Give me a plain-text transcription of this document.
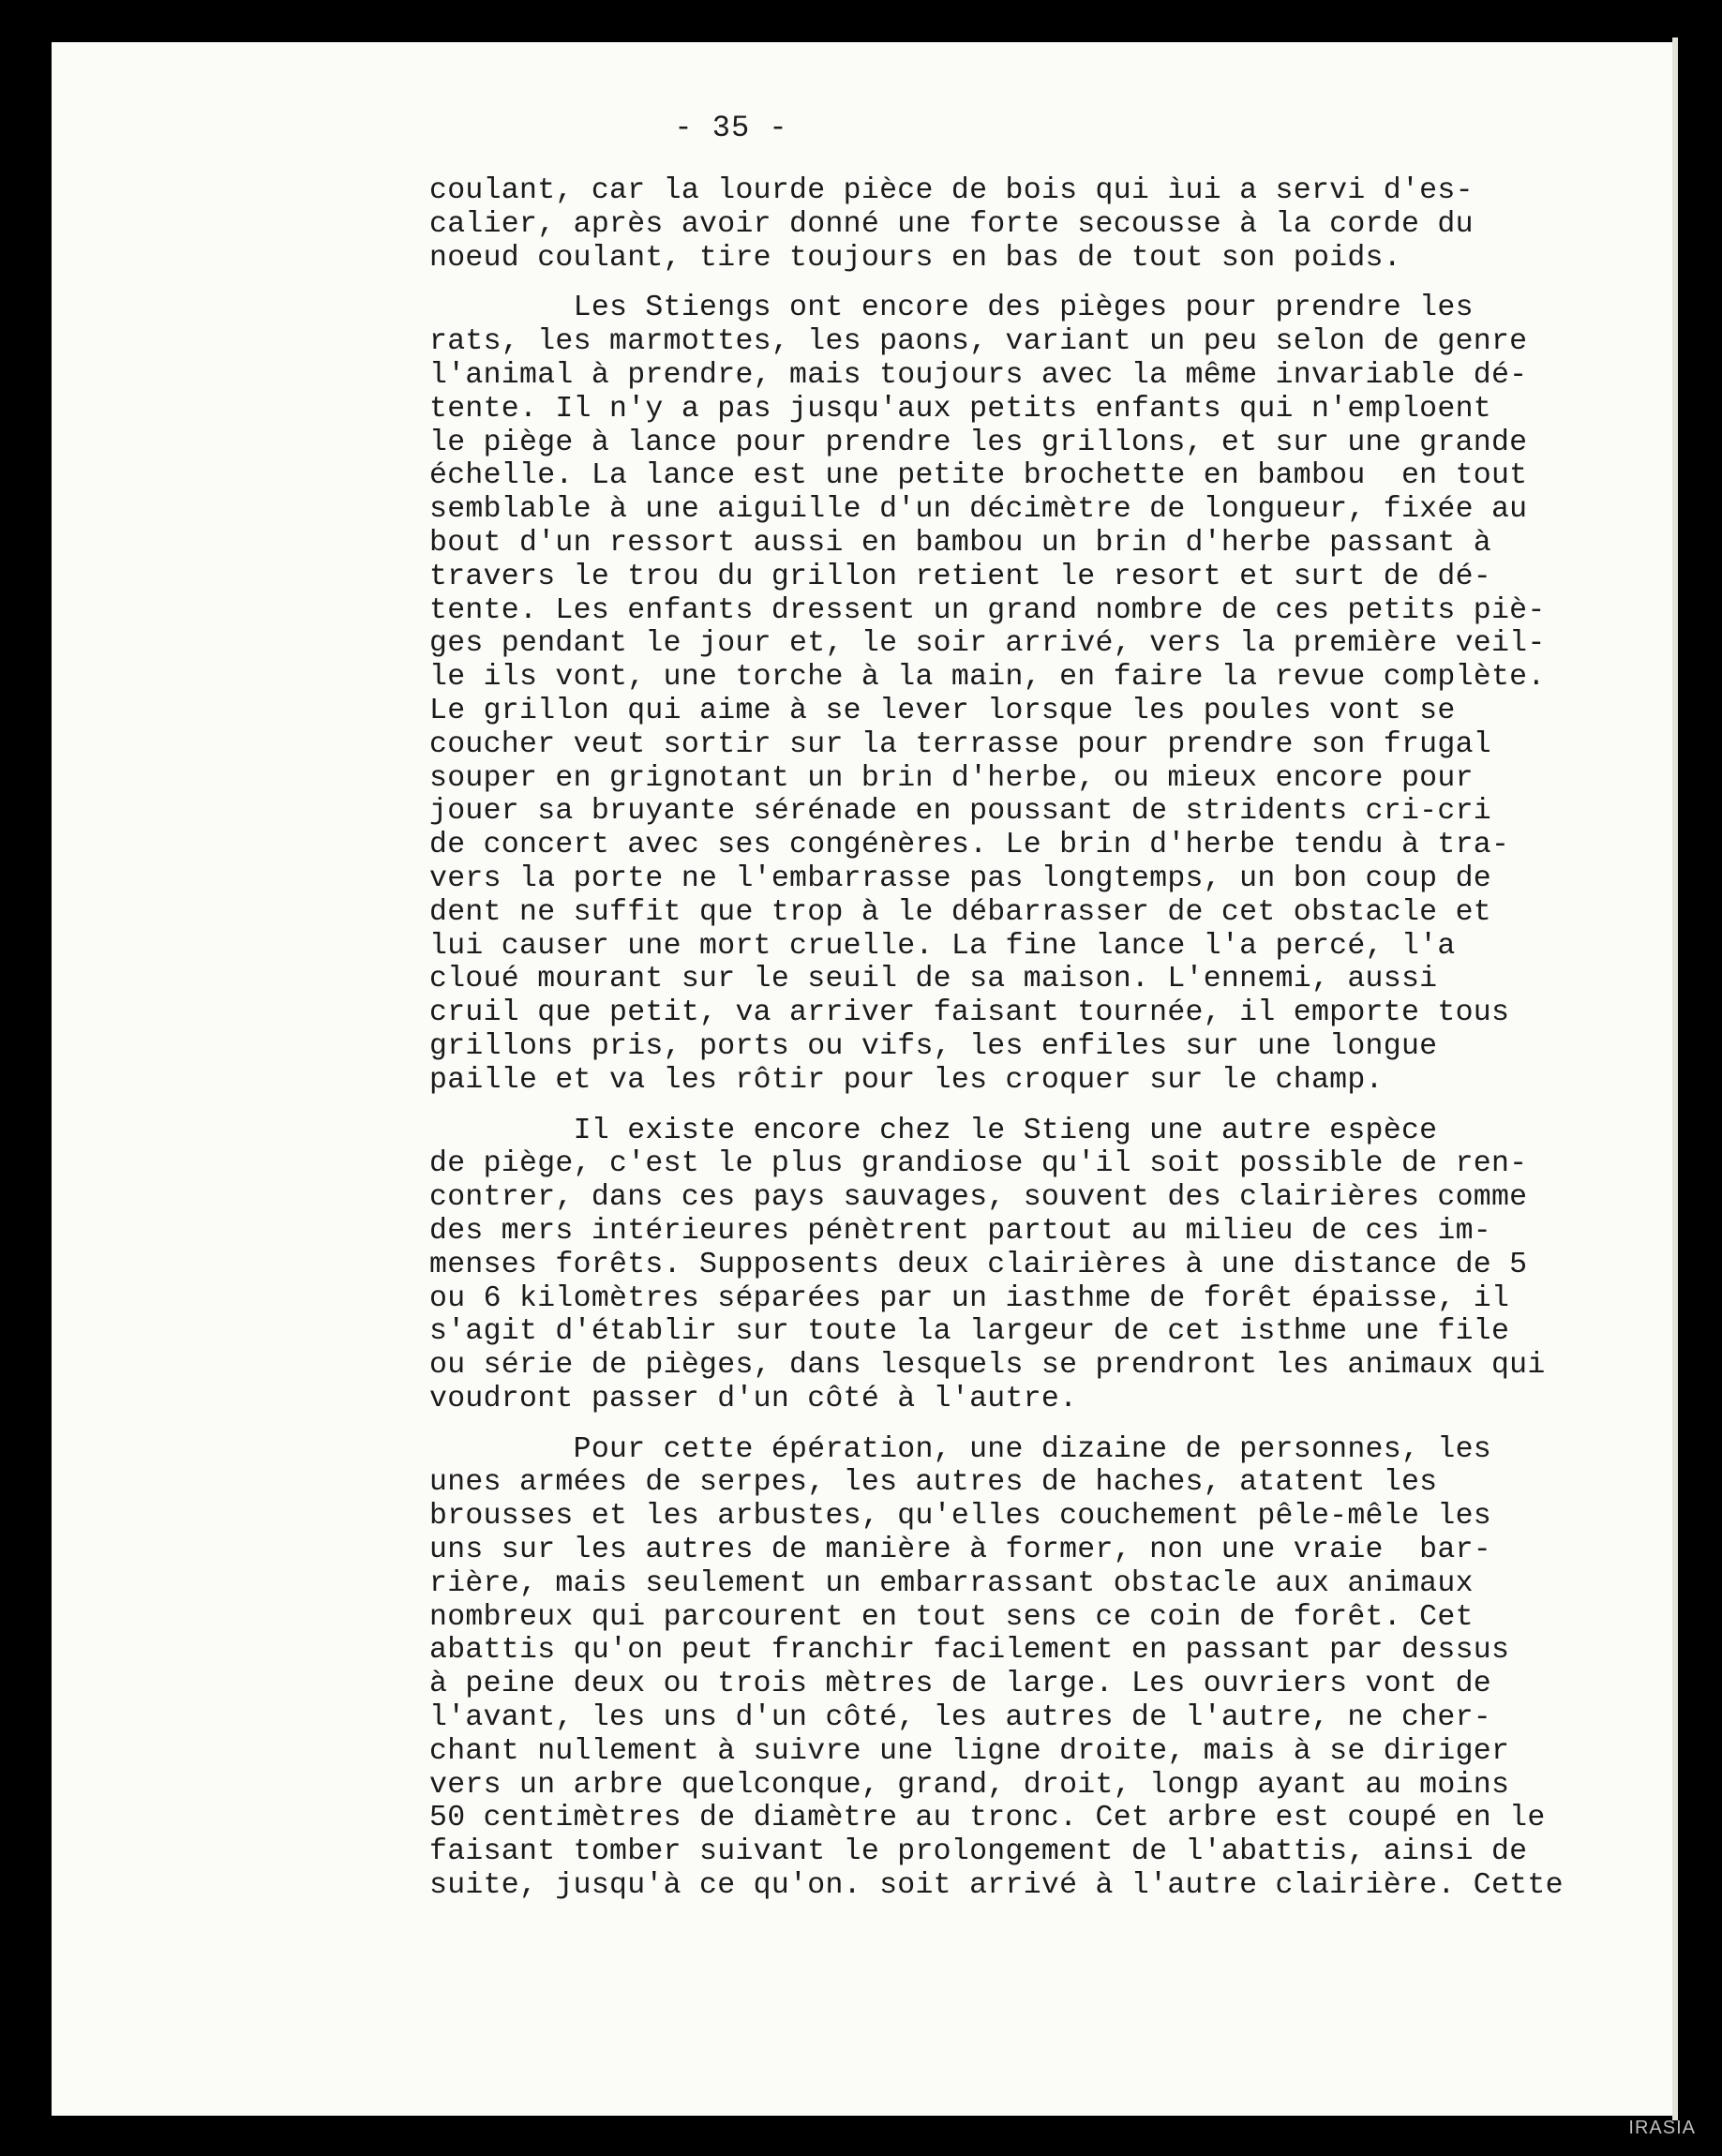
- 35 -
coulant, car la lourde pièce de bois qui ìui a servi d'es-
calier, après avoir donné une forte secousse à la corde du
noeud coulant, tire toujours en bas de tout son poids.
Les Stiengs ont encore des pièges pour prendre les
rats, les marmottes, les paons, variant un peu selon de genre
l'animal à prendre, mais toujours avec la même invariable dé-
tente. Il n'y a pas jusqu'aux petits enfants qui n'emploent
le piège à lance pour prendre les grillons, et sur une grande
échelle. La lance est une petite brochette en bambou  en tout
semblable à une aiguille d'un décimètre de longueur, fixée au
bout d'un ressort aussi en bambou un brin d'herbe passant à
travers le trou du grillon retient le resort et surt de dé-
tente. Les enfants dressent un grand nombre de ces petits piè-
ges pendant le jour et, le soir arrivé, vers la première veil-
le ils vont, une torche à la main, en faire la revue complète.
Le grillon qui aime à se lever lorsque les poules vont se
coucher veut sortir sur la terrasse pour prendre son frugal
souper en grignotant un brin d'herbe, ou mieux encore pour
jouer sa bruyante sérénade en poussant de stridents cri-cri
de concert avec ses congénères. Le brin d'herbe tendu à tra-
vers la porte ne l'embarrasse pas longtemps, un bon coup de
dent ne suffit que trop à le débarrasser de cet obstacle et
lui causer une mort cruelle. La fine lance l'a percé, l'a
cloué mourant sur le seuil de sa maison. L'ennemi, aussi
cruil que petit, va arriver faisant tournée, il emporte tous
grillons pris, ports ou vifs, les enfiles sur une longue
paille et va les rôtir pour les croquer sur le champ.
Il existe encore chez le Stieng une autre espèce
de piège, c'est le plus grandiose qu'il soit possible de ren-
contrer, dans ces pays sauvages, souvent des clairières comme
des mers intérieures pénètrent partout au milieu de ces im-
menses forêts. Supposents deux clairières à une distance de 5
ou 6 kilomètres séparées par un iasthme de forêt épaisse, il
s'agit d'établir sur toute la largeur de cet isthme une file
ou série de pièges, dans lesquels se prendront les animaux qui
voudront passer d'un côté à l'autre.
Pour cette épération, une dizaine de personnes, les
unes armées de serpes, les autres de haches, atatent les
brousses et les arbustes, qu'elles couchement pêle-mêle les
uns sur les autres de manière à former, non une vraie  bar-
rière, mais seulement un embarrassant obstacle aux animaux
nombreux qui parcourent en tout sens ce coin de forêt. Cet
abattis qu'on peut franchir facilement en passant par dessus
à peine deux ou trois mètres de large. Les ouvriers vont de
l'avant, les uns d'un côté, les autres de l'autre, ne cher-
chant nullement à suivre une ligne droite, mais à se diriger
vers un arbre quelconque, grand, droit, longp ayant au moins
50 centimètres de diamètre au tronc. Cet arbre est coupé en le
faisant tomber suivant le prolongement de l'abattis, ainsi de
suite, jusqu'à ce qu'on. soit arrivé à l'autre clairière. Cette
IRASIA
